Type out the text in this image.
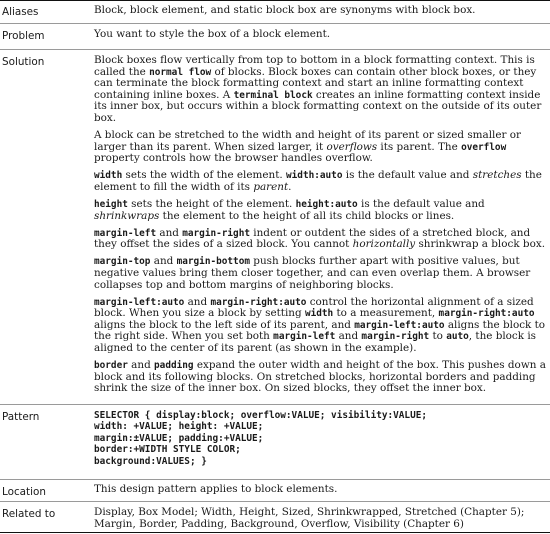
Aliases	Block, block element, and static block box are synonyms with block box.
Problem	You want to style the box of a block element.
Solution	Block boxes flow vertically from top to bottom in a block formatting context. This is called the normal flow of blocks. Block boxes can contain other block boxes, or they can terminate the block formatting context and start an inline formatting context containing inline boxes. A terminal block creates an inline formatting context inside its inner box, but occurs within a block formatting context on the outside of its outer box.

A block can be stretched to the width and height of its parent or sized smaller or larger than its parent. When sized larger, it overflows its parent. The overflow property controls how the browser handles overflow.

width sets the width of the element. width:auto is the default value and stretches the element to fill the width of its parent.

height sets the height of the element. height:auto is the default value and shrinkwraps the element to the height of all its child blocks or lines.

margin-left and margin-right indent or outdent the sides of a stretched block, and they offset the sides of a sized block. You cannot horizontally shrinkwrap a block box.

margin-top and margin-bottom push blocks further apart with positive values, but negative values bring them closer together, and can even overlap them. A browser collapses top and bottom margins of neighboring blocks.

margin-left:auto and margin-right:auto control the horizontal alignment of a sized block. When you size a block by setting width to a measurement, margin-right:auto aligns the block to the left side of its parent, and margin-left:auto aligns the block to the right side. When you set both margin-left and margin-right to auto, the block is aligned to the center of its parent (as shown in the example).

border and padding expand the outer width and height of the box. This pushes down a block and its following blocks. On stretched blocks, horizontal borders and padding shrink the size of the inner box. On sized blocks, they offset the inner box.

Pattern	SELECTOR { display:block; overflow:VALUE; visibility:VALUE;
width: +VALUE; height: +VALUE;
margin:±VALUE; padding:+VALUE;
border:+WIDTH STYLE COLOR;
background:VALUES; }
Location	This design pattern applies to block elements.
Related to	Display, Box Model; Width, Height, Sized, Shrinkwrapped, Stretched (Chapter 5); Margin, Border, Padding, Background, Overflow, Visibility (Chapter 6)
